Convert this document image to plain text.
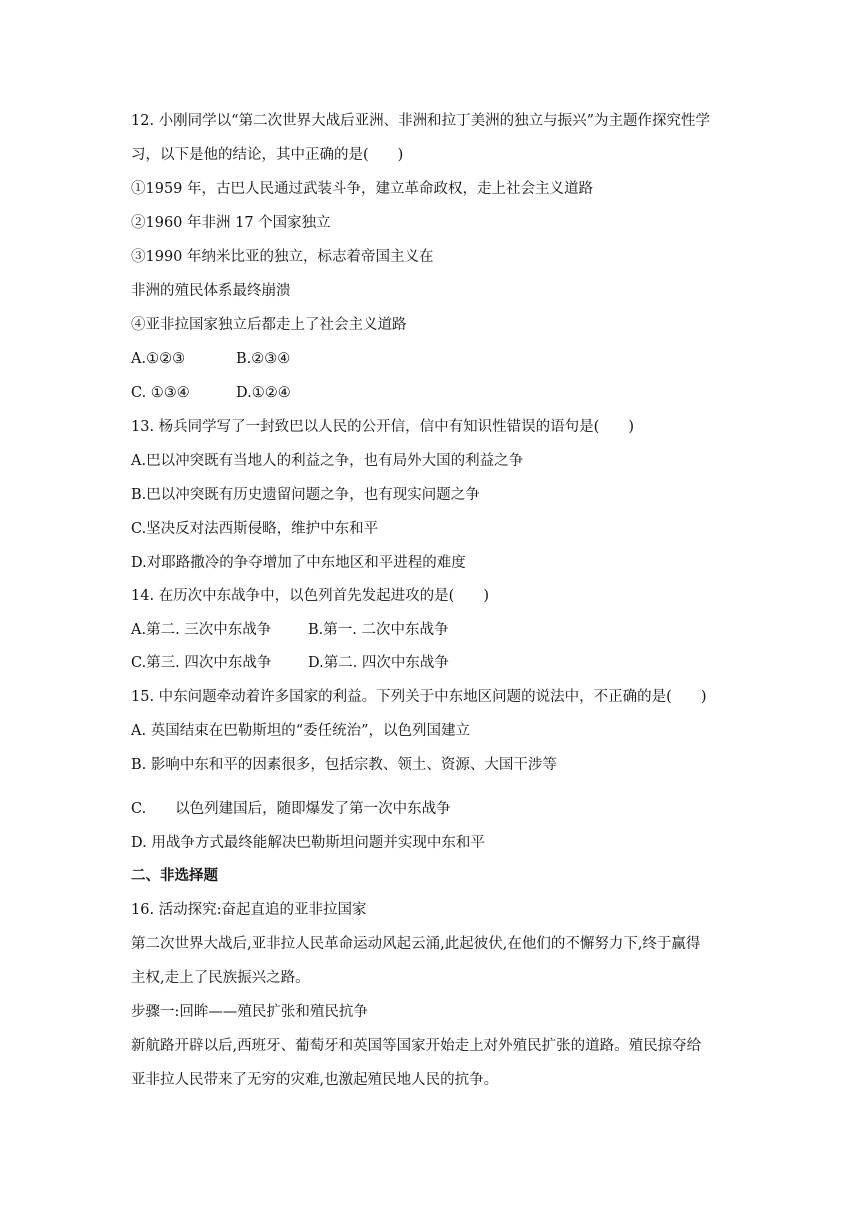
12. 小刚同学以“第二次世界大战后亚洲、非洲和拉丁美洲的独立与振兴”为主题作探究性学

习，以下是他的结论，其中正确的是(　　)

①1959 年，古巴人民通过武装斗争，建立革命政权，走上社会主义道路

②1960 年非洲 17 个国家独立

③1990 年纳米比亚的独立，标志着帝国主义在

非洲的殖民体系最终崩溃

④亚非拉国家独立后都走上了社会主义道路

A.①②③	B.②③④
C. ①③④	D.①②④

13. 杨兵同学写了一封致巴以人民的公开信，信中有知识性错误的语句是(　　)

A.巴以冲突既有当地人的利益之争，也有局外大国的利益之争

B.巴以冲突既有历史遗留问题之争，也有现实问题之争

C.坚决反对法西斯侵略，维护中东和平

D.对耶路撒冷的争夺增加了中东地区和平进程的难度

14. 在历次中东战争中，以色列首先发起进攻的是(　　)

A.第二. 三次中东战争	B.第一. 二次中东战争
C.第三. 四次中东战争	D.第二. 四次中东战争

15. 中东问题牵动着许多国家的利益。下列关于中东地区问题的说法中，不正确的是(　　)

A. 英国结束在巴勒斯坦的“委任统治”，以色列国建立

B. 影响中东和平的因素很多，包括宗教、领土、资源、大国干涉等

C.　　以色列建国后，随即爆发了第一次中东战争

D. 用战争方式最终能解决巴勒斯坦问题并实现中东和平

二、非选择题

16. 活动探究:奋起直追的亚非拉国家

第二次世界大战后,亚非拉人民革命运动风起云涌,此起彼伏,在他们的不懈努力下,终于赢得

主权,走上了民族振兴之路。

步骤一:回眸——殖民扩张和殖民抗争

新航路开辟以后,西班牙、葡萄牙和英国等国家开始走上对外殖民扩张的道路。殖民掠夺给

亚非拉人民带来了无穷的灾难,也激起殖民地人民的抗争。
